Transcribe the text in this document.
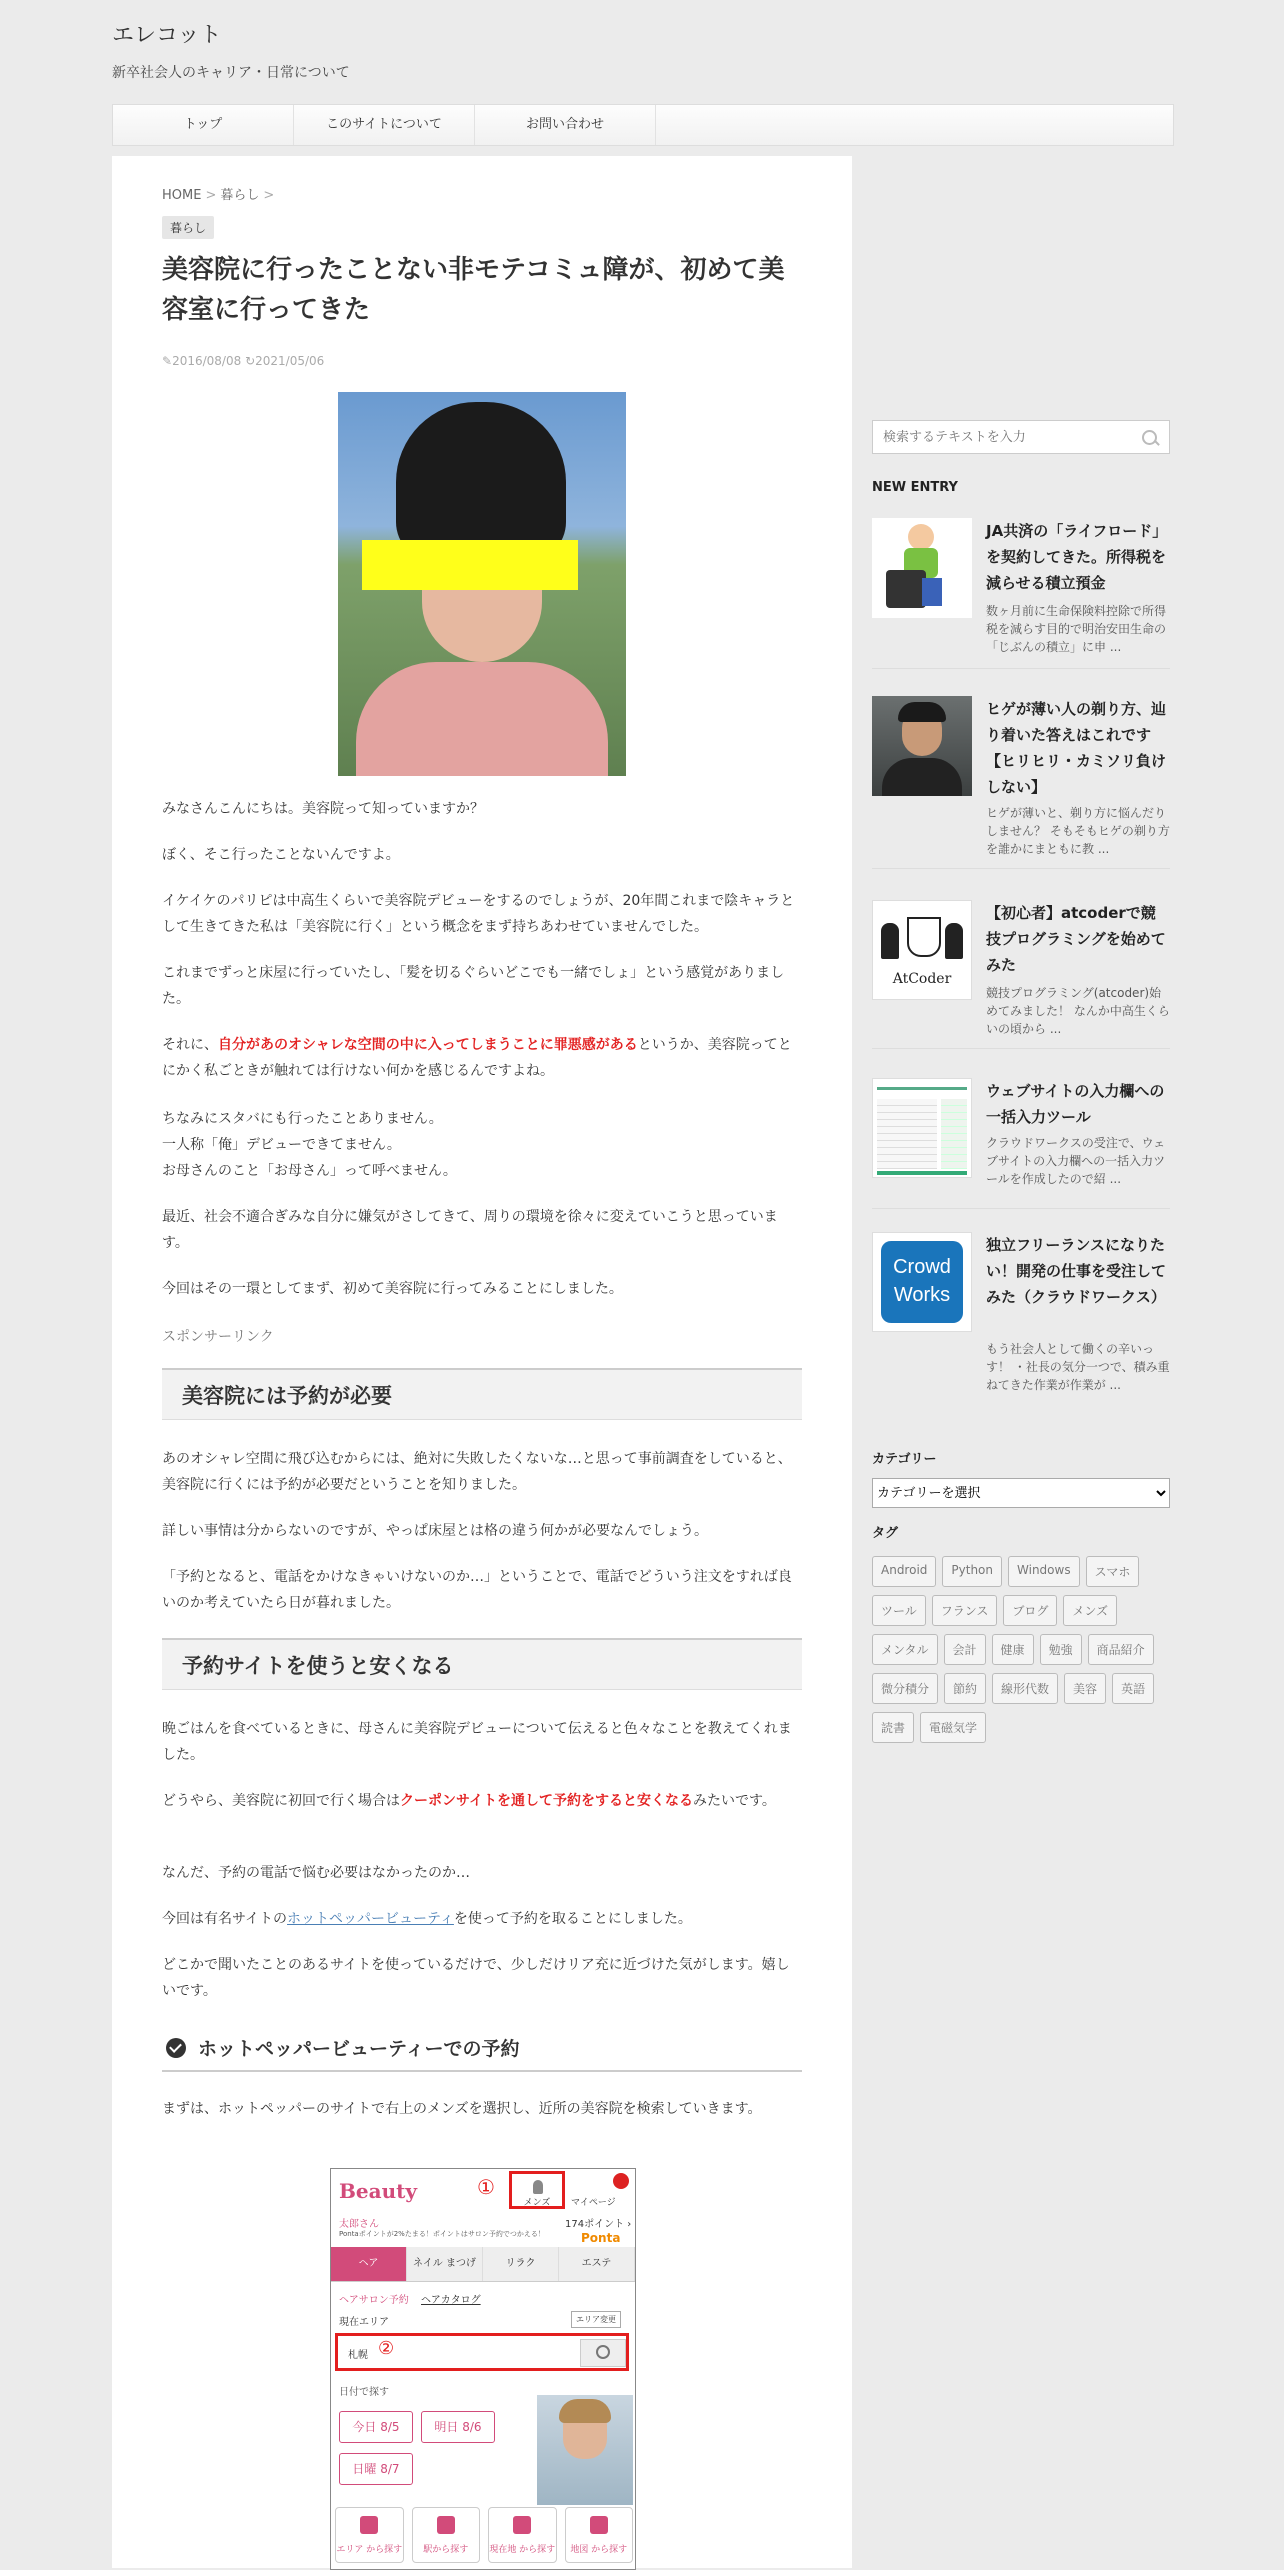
エレコット
新卒社会人のキャリア・日常について
トップ	このサイトについて	お問い合わせ
HOME > 暮らし >
暮らし
美容院に行ったことない非モテコミュ障が、初めて美容室に行ってきた
✎2016/08/08 ↻2021/05/06
みなさんこんにちは。美容院って知っていますか？
ぼく、そこ行ったことないんですよ。
イケイケのパリピは中高生くらいで美容院デビューをするのでしょうが、20年間これまで陰キャラとして生きてきた私は「美容院に行く」という概念をまず持ちあわせていませんでした。
これまでずっと床屋に行っていたし、「髪を切るぐらいどこでも一緒でしょ」という感覚がありました。
それに、自分があのオシャレな空間の中に入ってしまうことに罪悪感があるというか、美容院ってとにかく私ごときが触れては行けない何かを感じるんですよね。
ちなみにスタバにも行ったことありません。
一人称「俺」デビューできてません。
お母さんのこと「お母さん」って呼べません。
最近、社会不適合ぎみな自分に嫌気がさしてきて、周りの環境を徐々に変えていこうと思っています。
今回はその一環としてまず、初めて美容院に行ってみることにしました。
スポンサーリンク
美容院には予約が必要
あのオシャレ空間に飛び込むからには、絶対に失敗したくないな…と思って事前調査をしていると、美容院に行くには予約が必要だということを知りました。
詳しい事情は分からないのですが、やっぱ床屋とは格の違う何かが必要なんでしょう。
「予約となると、電話をかけなきゃいけないのか…」ということで、電話でどういう注文をすれば良いのか考えていたら日が暮れました。
予約サイトを使うと安くなる
晩ごはんを食べているときに、母さんに美容院デビューについて伝えると色々なことを教えてくれました。
どうやら、美容院に初回で行く場合はクーポンサイトを通して予約をすると安くなるみたいです。
なんだ、予約の電話で悩む必要はなかったのか…
今回は有名サイトのホットペッパービューティを使って予約を取ることにしました。
どこかで聞いたことのあるサイトを使っているだけで、少しだけリア充に近づけた気がします。嬉しいです。
ホットペッパービューティーでの予約
まずは、ホットペッパーのサイトで右上のメンズを選択し、近所の美容院を検索していきます。
Beauty	①
メンズ	マイページ
太郎さん	174ポイント ›
Pontaポイントが2%たまる！ポイントはサロン予約でつかえる！	Ponta
ヘア	ネイル まつげ	リラク	エステ
ヘアサロン予約 ヘアカタログ
現在エリア	エリア変更
札幌 ②
日付で探す
今日 8/5	明日 8/6
日曜 8/7
エリア から探す	駅から探す	現在地 から探す	地図 から探す
検索するテキストを入力
NEW ENTRY
JA共済の「ライフロード」を契約してきた。所得税を減らせる積立預金
数ヶ月前に生命保険料控除で所得税を減らす目的で明治安田生命の「じぶんの積立」に申 ...
ヒゲが薄い人の剃り方、辿り着いた答えはこれです【ヒリヒリ・カミソリ負けしない】
ヒゲが薄いと、剃り方に悩んだりしません？ そもそもヒゲの剃り方を誰かにまともに教 ...
AtCoder
【初心者】atcoderで競技プログラミングを始めてみた
競技プログラミング(atcoder)始めてみました！ なんか中高生くらいの頃から ...
ウェブサイトの入力欄への一括入力ツール
クラウドワークスの受注で、ウェブサイトの入力欄への一括入力ツールを作成したので紹 ...
Crowd
Works
独立フリーランスになりたい！開発の仕事を受注してみた（クラウドワークス）
もう社会人として働くの辛いっす！ ・社長の気分一つで、積み重ねてきた作業が作業が ...
カテゴリー
カテゴリーを選択
タグ
Android	Python	Windows	スマホ
ツール	フランス	ブログ	メンズ
メンタル	会計	健康	勉強	商品紹介
微分積分	節約	線形代数	美容	英語
読書	電磁気学
